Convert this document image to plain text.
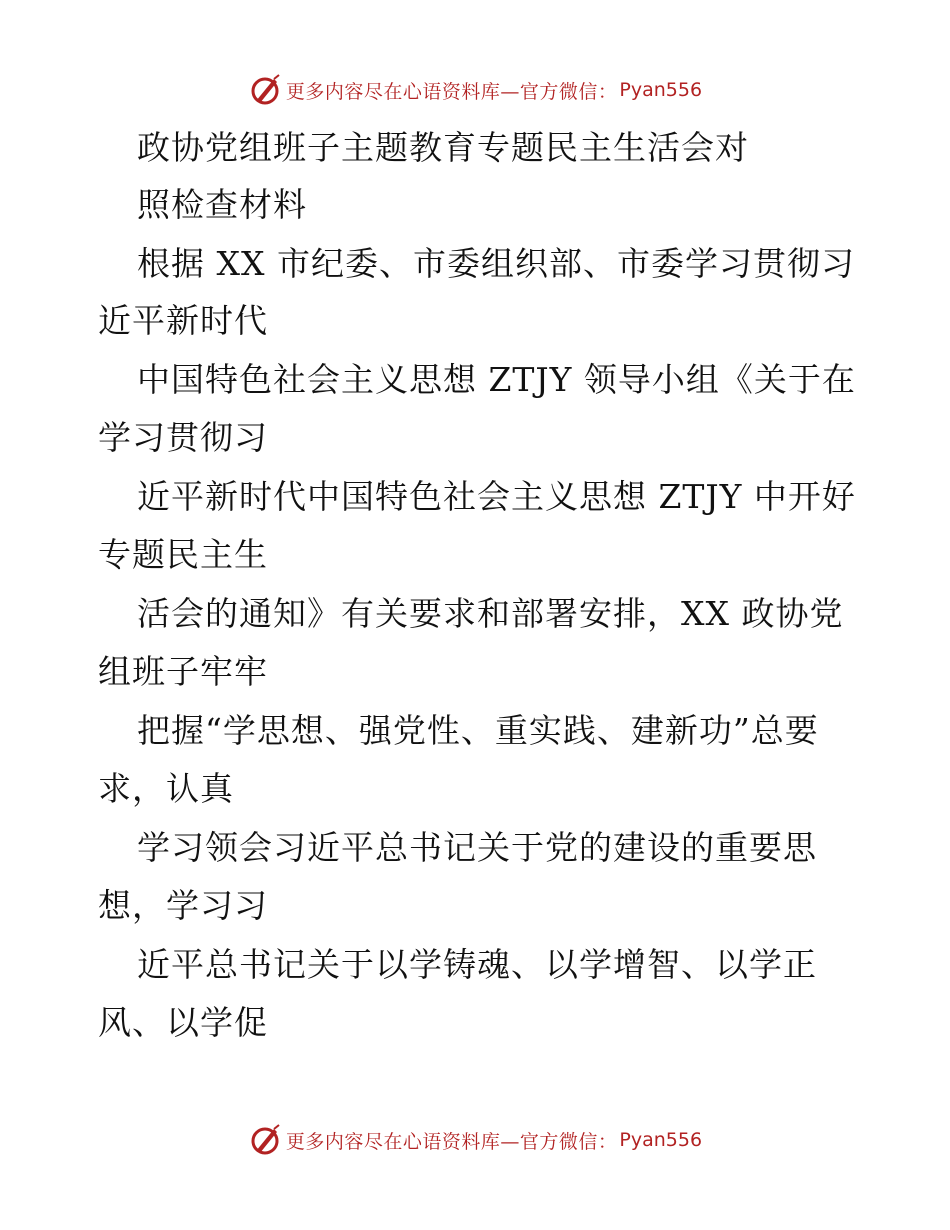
更多内容尽在心语资料库—官方微信： Pyan556
政协党组班子主题教育专题民主生活会对
照检查材料
根据 XX 市纪委、市委组织部、市委学习贯彻习
近平新时代
中国特色社会主义思想 ZTJY 领导小组《关于在
学习贯彻习
近平新时代中国特色社会主义思想 ZTJY 中开好
专题民主生
活会的通知》有关要求和部署安排，XX 政协党
组班子牢牢
把握“学思想、强党性、重实践、建新功”总要
求，认真
学习领会习近平总书记关于党的建设的重要思
想，学习习
近平总书记关于以学铸魂、以学增智、以学正
风、以学促
更多内容尽在心语资料库—官方微信： Pyan556
